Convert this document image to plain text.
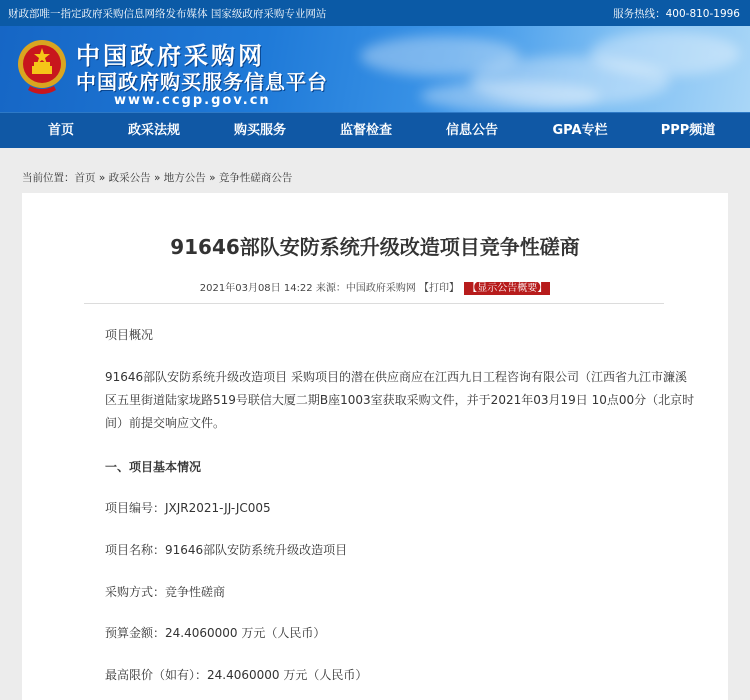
财政部唯一指定政府采购信息网络发布媒体 国家级政府采购专业网站	服务热线：400-810-1996
中国政府采购网
中国政府购买服务信息平台
www.ccgp.gov.cn
首页	政采法规	购买服务	监督检查	信息公告	GPA专栏	PPP频道
当前位置：首页 » 政采公告 » 地方公告 » 竞争性磋商公告
91646部队安防系统升级改造项目竞争性磋商
2021年03月08日 14:22 来源：中国政府采购网 【打印】 【显示公告概要】
项目概况
91646部队安防系统升级改造项目 采购项目的潜在供应商应在江西九日工程咨询有限公司（江西省九江市濂溪
区五里街道陆家垅路519号联信大厦二期B座1003室获取采购文件，并于2021年03月19日 10点00分（北京时
间）前提交响应文件。
一、项目基本情况
项目编号：JXJR2021-JJ-JC005
项目名称：91646部队安防系统升级改造项目
采购方式：竞争性磋商
预算金额：24.4060000 万元（人民币）
最高限价（如有）：24.4060000 万元（人民币）
